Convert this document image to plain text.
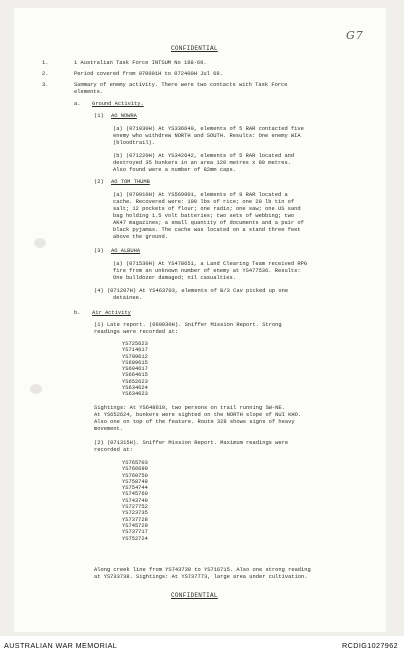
CONFIDENTIAL
G7
1.	1 Australian Task Force INTSUM No 188-69.
2.	Period covered from 070001H to 072400H Jul 69.
3.	Summary of enemy activity. There were two contacts with Task Force
elements.
a. Ground Activity.
(1) AO NOWRA
(a) (071030H) At YS336640, elements of 5 RAR contacted five
enemy who withdrew NORTH and SOUTH. Results: One enemy WIA
(bloodtrail).
(b) (071220H) At YS342642, elements of 5 RAR located and
destroyed 35 bunkers in an area 120 metres x 80 metres.
Also found were a number of 82mm caps.
(2) AO TOM THUMB
(a) (070910H) At YS569901, elements of 9 RAR located a
cache. Recovered were: 100 lbs of rice; one 20 lb tin of
salt; 12 pockets of flour; one radio; one saw; one US sand
bag holding 1.5 volt batteries; two sets of webbing; two
AK47 magazines; a small quantity of documents and a pair of
black pyjamas. The cache was located on a stand three feet
above the ground.
(3) AO ALBUHA
(a) (071530H) At YS478651, a Land Clearing Team received RPG
fire from an unknown number of enemy at YS477536. Results:
One bulldozer damaged; nil casualties.
(4) (071207H) At YS463703, elements of B/3 Cav picked up one
detainee.
b. Air Activity
(1) Late report. (060930H). Sniffer Mission Report. Strong
readings were recorded at:
YS725623
YS714617
YS709612
YS699615
YS694617
YS664615
YS652623
YS634624
YS634623
Sightings: At YS648610, two persons on trail running SW-NE.
At YS652624, bunkers were sighted on the NORTH slope of NUI KHO.
Also one on top of the feature. Route 328 shows signs of heavy
movement.
(2) (071315H). Sniffer Mission Report. Maximum readings were
recorded at:
YS765703
YS766699
YS760750
YS758748
YS754744
YS745760
YS743749
YS727752
YS723735
YS737728
YS745729
YS737717
YS752724
Along creek line from YS743730 to YS716715. Also one strong reading
at YS733738. Sightings: At YS737773, large area under cultivation.
CONFIDENTIAL
AUSTRALIAN WAR MEMORIAL	RCDIG1027962
